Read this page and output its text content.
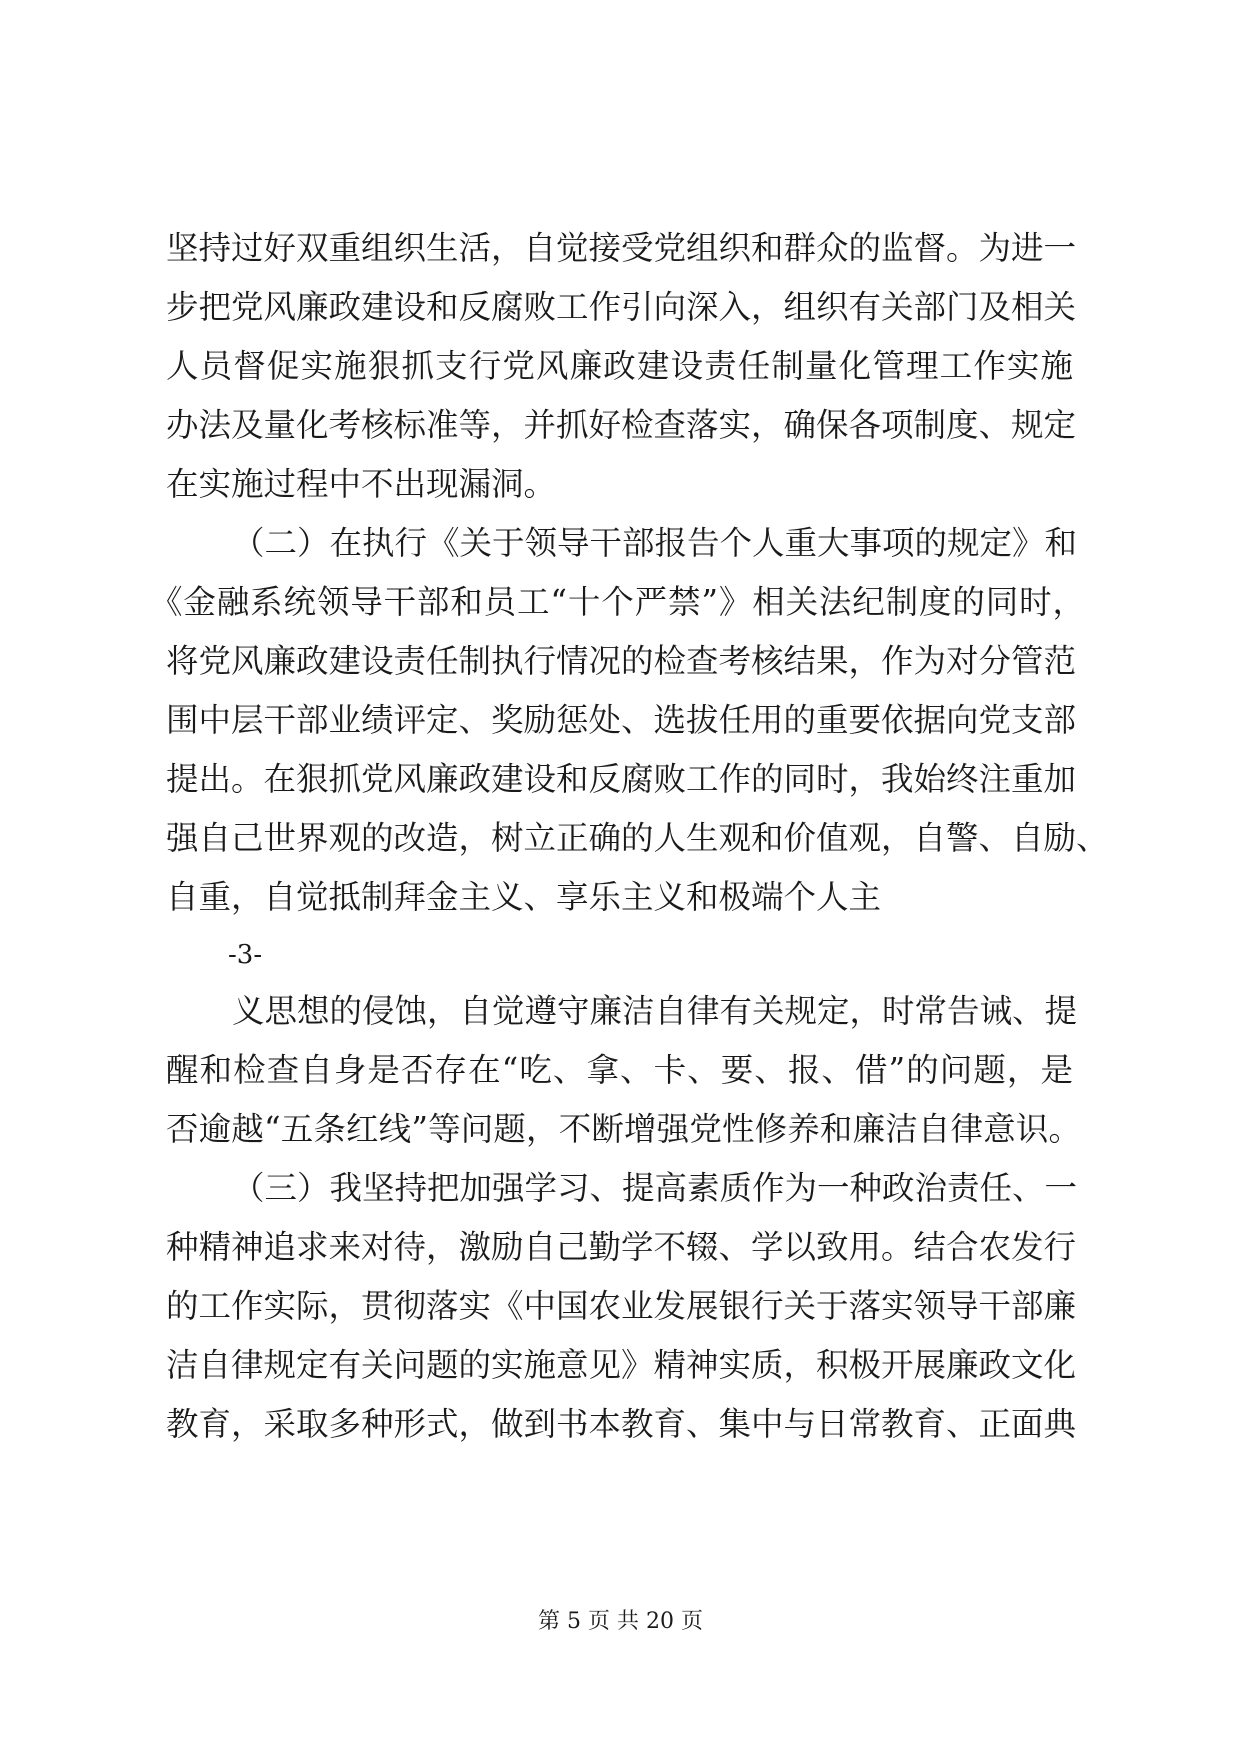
坚持过好双重组织生活，自觉接受党组织和群众的监督。为进一

步把党风廉政建设和反腐败工作引向深入，组织有关部门及相关

人员督促实施狠抓支行党风廉政建设责任制量化管理工作实施

办法及量化考核标准等，并抓好检查落实，确保各项制度、规定

在实施过程中不出现漏洞。

（二）在执行《关于领导干部报告个人重大事项的规定》和

《金融系统领导干部和员工“十个严禁”》相关法纪制度的同时，

将党风廉政建设责任制执行情况的检查考核结果，作为对分管范

围中层干部业绩评定、奖励惩处、选拔任用的重要依据向党支部

提出。在狠抓党风廉政建设和反腐败工作的同时，我始终注重加

强自己世界观的改造，树立正确的人生观和价值观，自警、自励、

自重，自觉抵制拜金主义、享乐主义和极端个人主

-3-

义思想的侵蚀，自觉遵守廉洁自律有关规定，时常告诫、提

醒和检查自身是否存在“吃、拿、卡、要、报、借”的问题，是

否逾越“五条红线”等问题，不断增强党性修养和廉洁自律意识。

（三）我坚持把加强学习、提高素质作为一种政治责任、一

种精神追求来对待，激励自己勤学不辍、学以致用。结合农发行

的工作实际，贯彻落实《中国农业发展银行关于落实领导干部廉

洁自律规定有关问题的实施意见》精神实质，积极开展廉政文化

教育，采取多种形式，做到书本教育、集中与日常教育、正面典

第 5 页 共 20 页
